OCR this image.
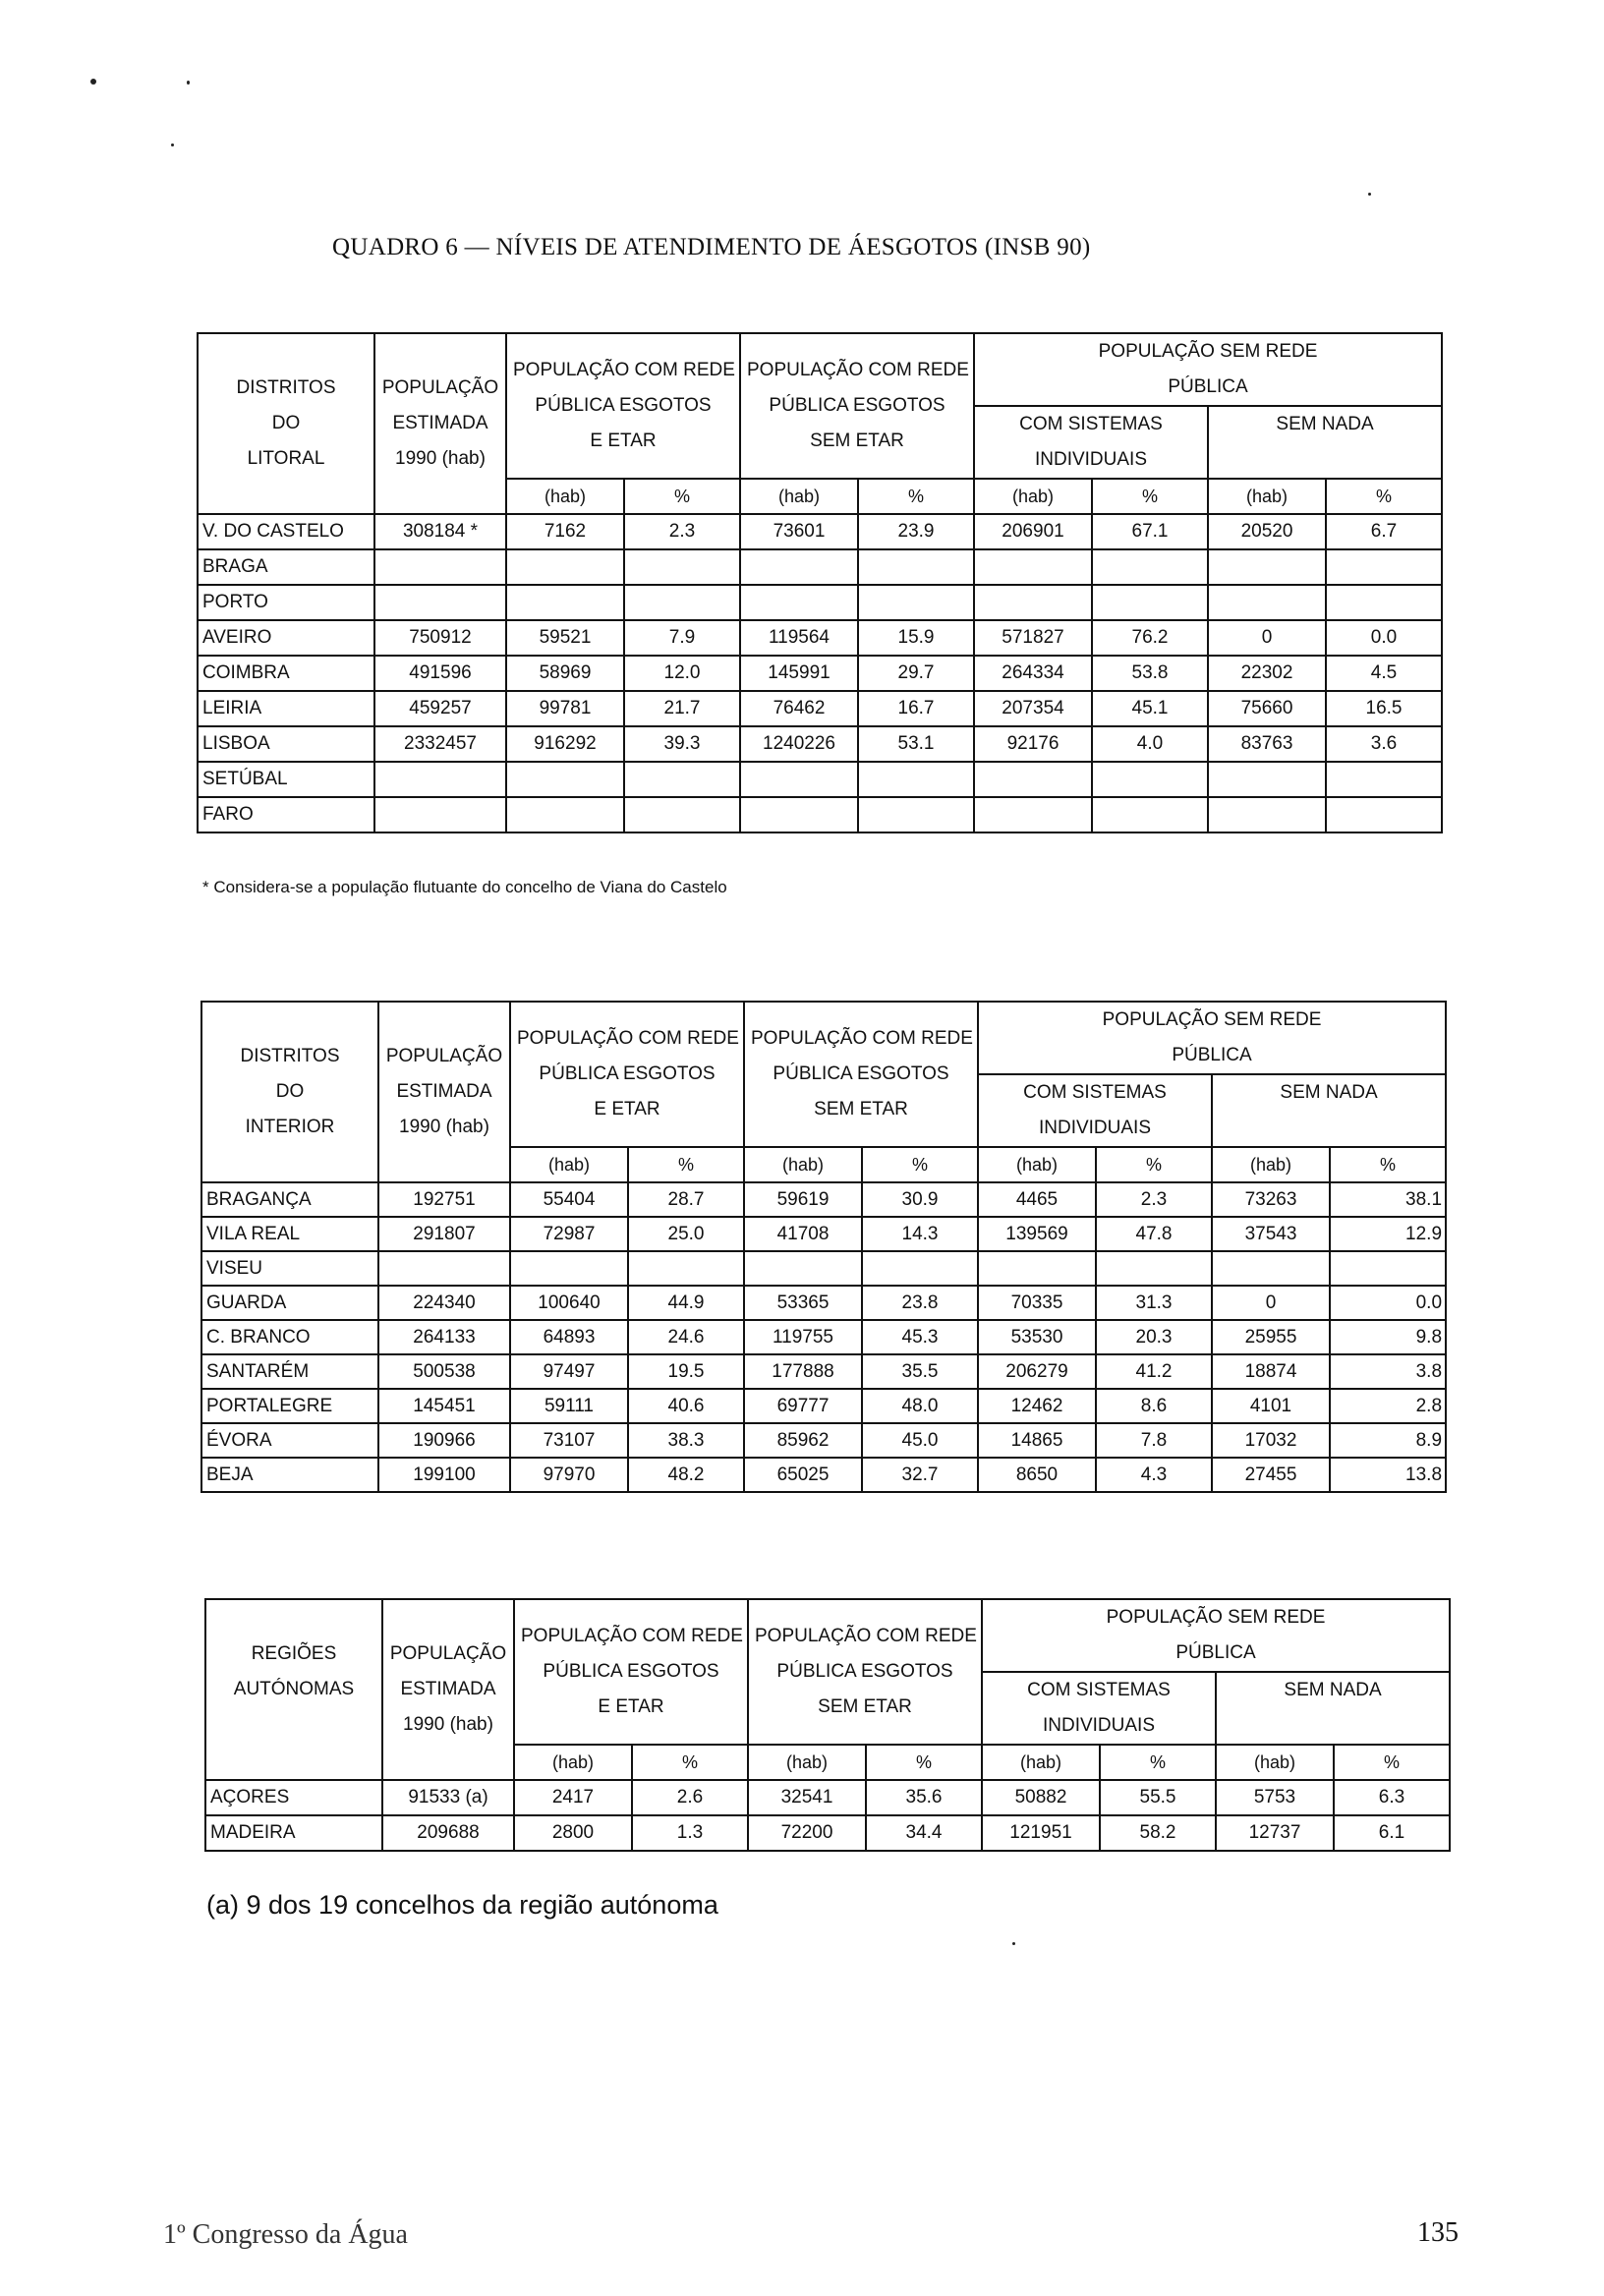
QUADRO 6 — NÍVEIS DE ATENDIMENTO DE ÁESGOTOS (INSB 90)
DISTRITOS
DO
LITORAL	POPULAÇÃO
ESTIMADA
1990 (hab)	POPULAÇÃO COM REDE
PÚBLICA ESGOTOS
E ETAR		POPULAÇÃO COM REDE
PÚBLICA ESGOTOS
SEM ETAR		POPULAÇÃO SEM REDE
PÚBLICA			

						COM SISTEMAS
INDIVIDUAIS		SEM NADA	
		(hab)	%	(hab)	%	(hab)	%	(hab)	%
V. DO CASTELO	308184 *	7162	2.3	73601	23.9	206901	67.1	20520	6.7
BRAGA									
PORTO									
AVEIRO	750912	59521	7.9	119564	15.9	571827	76.2	0	0.0
COIMBRA	491596	58969	12.0	145991	29.7	264334	53.8	22302	4.5
LEIRIA	459257	99781	21.7	76462	16.7	207354	45.1	75660	16.5
LISBOA	2332457	916292	39.3	1240226	53.1	92176	4.0	83763	3.6
SETÚBAL									
FARO									
* Considera-se a população flutuante do concelho de Viana do Castelo
DISTRITOS
DO
INTERIOR	POPULAÇÃO
ESTIMADA
1990 (hab)	POPULAÇÃO COM REDE
PÚBLICA ESGOTOS
E ETAR		POPULAÇÃO COM REDE
PÚBLICA ESGOTOS
SEM ETAR		POPULAÇÃO SEM REDE
PÚBLICA			

						COM SISTEMAS
INDIVIDUAIS		SEM NADA	
		(hab)	%	(hab)	%	(hab)	%	(hab)	%
BRAGANÇA	192751	55404	28.7	59619	30.9	4465	2.3	73263	38.1
VILA REAL	291807	72987	25.0	41708	14.3	139569	47.8	37543	12.9
VISEU									
GUARDA	224340	100640	44.9	53365	23.8	70335	31.3	0	0.0
C. BRANCO	264133	64893	24.6	119755	45.3	53530	20.3	25955	9.8
SANTARÉM	500538	97497	19.5	177888	35.5	206279	41.2	18874	3.8
PORTALEGRE	145451	59111	40.6	69777	48.0	12462	8.6	4101	2.8
ÉVORA	190966	73107	38.3	85962	45.0	14865	7.8	17032	8.9
BEJA	199100	97970	48.2	65025	32.7	8650	4.3	27455	13.8
REGIÕES
AUTÓNOMAS	POPULAÇÃO
ESTIMADA
1990 (hab)	POPULAÇÃO COM REDE
PÚBLICA ESGOTOS
E ETAR		POPULAÇÃO COM REDE
PÚBLICA ESGOTOS
SEM ETAR		POPULAÇÃO SEM REDE
PÚBLICA			

						COM SISTEMAS
INDIVIDUAIS		SEM NADA	
		(hab)	%	(hab)	%	(hab)	%	(hab)	%
AÇORES	91533 (a)	2417	2.6	32541	35.6	50882	55.5	5753	6.3
MADEIRA	209688	2800	1.3	72200	34.4	121951	58.2	12737	6.1
(a) 9 dos 19 concelhos da região autónoma
1º Congresso da Água	135
